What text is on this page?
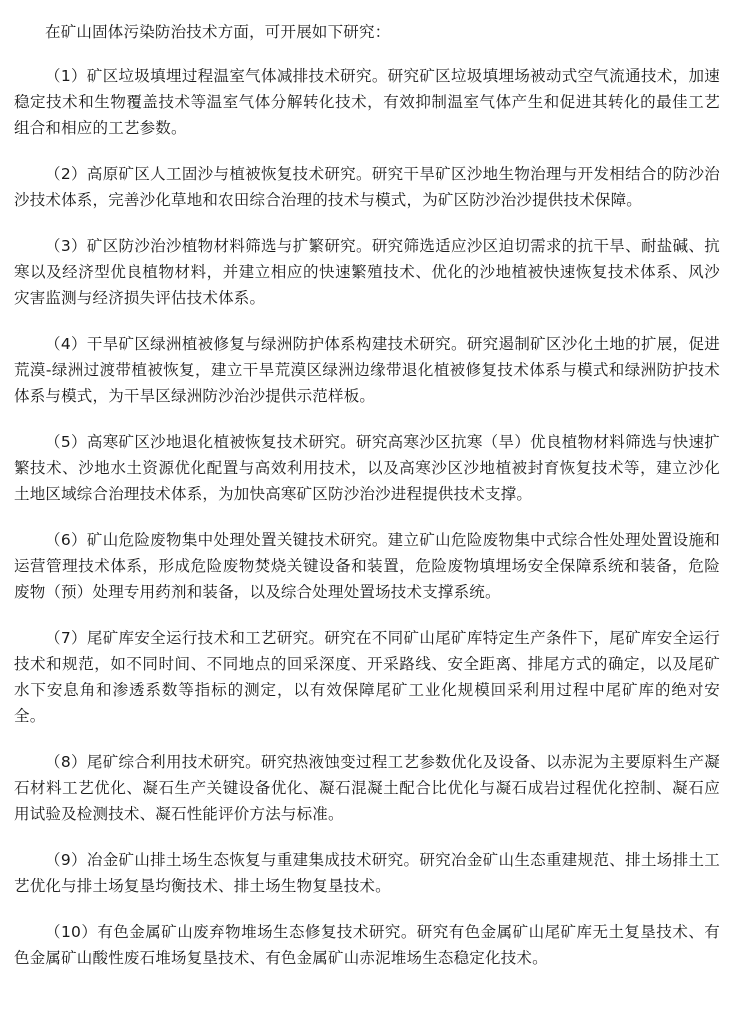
在矿山固体污染防治技术方面，可开展如下研究：

（1）矿区垃圾填埋过程温室气体减排技术研究。研究矿区垃圾填埋场被动式空气流通技术，加速稳定技术和生物覆盖技术等温室气体分解转化技术，有效抑制温室气体产生和促进其转化的最佳工艺组合和相应的工艺参数。

（2）高原矿区人工固沙与植被恢复技术研究。研究干旱矿区沙地生物治理与开发相结合的防沙治沙技术体系，完善沙化草地和农田综合治理的技术与模式，为矿区防沙治沙提供技术保障。

（3）矿区防沙治沙植物材料筛选与扩繁研究。研究筛选适应沙区迫切需求的抗干旱、耐盐碱、抗寒以及经济型优良植物材料，并建立相应的快速繁殖技术、优化的沙地植被快速恢复技术体系、风沙灾害监测与经济损失评估技术体系。

（4）干旱矿区绿洲植被修复与绿洲防护体系构建技术研究。研究遏制矿区沙化土地的扩展，促进荒漠-绿洲过渡带植被恢复，建立干旱荒漠区绿洲边缘带退化植被修复技术体系与模式和绿洲防护技术体系与模式，为干旱区绿洲防沙治沙提供示范样板。

（5）高寒矿区沙地退化植被恢复技术研究。研究高寒沙区抗寒（旱）优良植物材料筛选与快速扩繁技术、沙地水土资源优化配置与高效利用技术，以及高寒沙区沙地植被封育恢复技术等，建立沙化土地区域综合治理技术体系，为加快高寒矿区防沙治沙进程提供技术支撑。

（6）矿山危险废物集中处理处置关键技术研究。建立矿山危险废物集中式综合性处理处置设施和运营管理技术体系，形成危险废物焚烧关键设备和装置，危险废物填埋场安全保障系统和装备，危险废物（预）处理专用药剂和装备，以及综合处理处置场技术支撑系统。

（7）尾矿库安全运行技术和工艺研究。研究在不同矿山尾矿库特定生产条件下，尾矿库安全运行技术和规范，如不同时间、不同地点的回采深度、开采路线、安全距离、排尾方式的确定，以及尾矿水下安息角和渗透系数等指标的测定，以有效保障尾矿工业化规模回采利用过程中尾矿库的绝对安全。

（8）尾矿综合利用技术研究。研究热液蚀变过程工艺参数优化及设备、以赤泥为主要原料生产凝石材料工艺优化、凝石生产关键设备优化、凝石混凝土配合比优化与凝石成岩过程优化控制、凝石应用试验及检测技术、凝石性能评价方法与标准。

（9）冶金矿山排土场生态恢复与重建集成技术研究。研究冶金矿山生态重建规范、排土场排土工艺优化与排土场复垦均衡技术、排土场生物复垦技术。

（10）有色金属矿山废弃物堆场生态修复技术研究。研究有色金属矿山尾矿库无土复垦技术、有色金属矿山酸性废石堆场复垦技术、有色金属矿山赤泥堆场生态稳定化技术。
